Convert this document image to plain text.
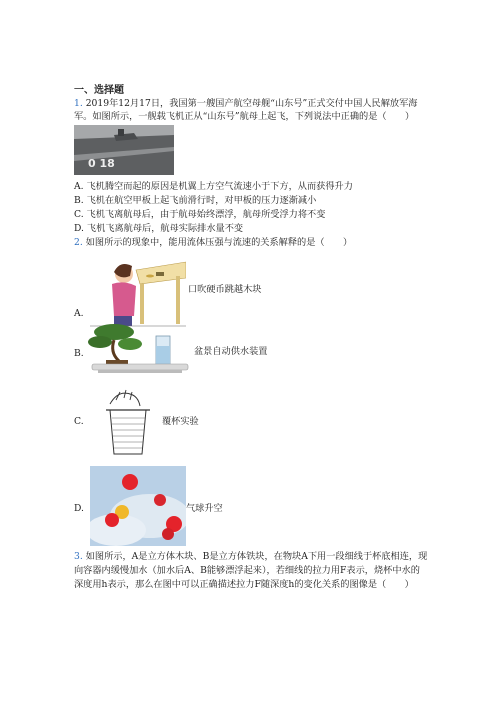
一、选择题
1. 2019年12月17日，我国第一艘国产航空母舰“山东号”正式交付中国人民解放军海
军。如图所示，一舰载飞机正从“山东号”航母上起飞，下列说法中正确的是（　　）
0 18
A. 飞机腾空而起的原因是机翼上方空气流速小于下方，从而获得升力
B. 飞机在航空甲板上起飞前滑行时，对甲板的压力逐渐减小
C. 飞机飞离航母后，由于航母始终漂浮，航母所受浮力将不变
D. 飞机飞离航母后，航母实际排水量不变
2. 如图所示的现象中，能用流体压强与流速的关系解释的是（　　）
A.
口吹硬币跳越木块
B.	盆景自动供水装置
C.	覆杯实验
D.	气球升空
3. 如图所示，A是立方体木块、B是立方体铁块，在物块A下用一段细线于杯底相连，现
向容器内缓慢加水（加水后A、B能够漂浮起来），若细线的拉力用F表示，烧杯中水的
深度用h表示，那么在图中可以正确描述拉力F随深度h的变化关系的图像是（　　）
